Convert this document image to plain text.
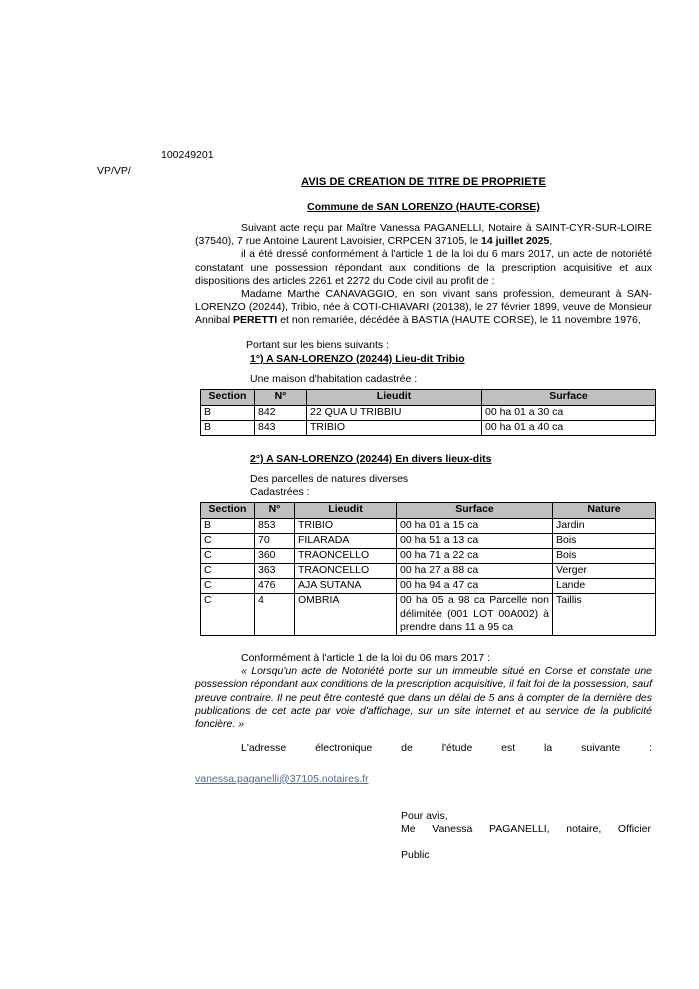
100249201
VP/VP/
AVIS DE CREATION DE TITRE DE PROPRIETE
Commune de SAN LORENZO (HAUTE-CORSE)

Suivant acte reçu par Maître Vanessa PAGANELLI, Notaire à SAINT-CYR-SUR-LOIRE (37540), 7 rue Antoine Laurent Lavoisier, CRPCEN 37105, le 14 juillet 2025,

il a été dressé conformément à l'article 1 de la loi du 6 mars 2017, un acte de notoriété constatant une possession répondant aux conditions de la prescription acquisitive et aux dispositions des articles 2261 et 2272 du Code civil au profit de :

Madame Marthe CANAVAGGIO, en son vivant sans profession, demeurant à SAN-LORENZO (20244), Tribio, née à COTI-CHIAVARI (20138), le 27 février 1899, veuve de Monsieur Annibal PERETTI et non remariée, décédée à BASTIA (HAUTE CORSE), le 11 novembre 1976,

Portant sur les biens suivants :

1°) A SAN-LORENZO (20244) Lieu-dit Tribio

Une maison d'habitation cadastrée :

Section	N°	Lieudit	Surface
B	842	22 QUA U TRIBBIU	00 ha 01 a 30 ca
B	843	TRIBIO	00 ha 01 a 40 ca

2°) A SAN-LORENZO (20244) En divers lieux-dits

Des parcelles de natures diverses

Cadastrées :

Section	N°	Lieudit	Surface	Nature
B	853	TRIBIO	00 ha 01 a 15 ca	Jardin
C	70	FILARADA	00 ha 51 a 13 ca	Bois
C	360	TRAONCELLO	00 ha 71 a 22 ca	Bois
C	363	TRAONCELLO	00 ha 27 a 88 ca	Verger
C	476	AJA SUTANA	00 ha 94 a 47 ca	Lande
C	4	OMBRIA	00 ha 05 a 98 ca Parcelle non délimitée (001 LOT 00A002) à prendre dans 11 a 95 ca	Taillis

Conformément à l'article 1 de la loi du 06 mars 2017 :

« Lorsqu'un acte de Notoriété porte sur un immeuble situé en Corse et constate une possession répondant aux conditions de la prescription acquisitive, il fait foi de la possession, sauf preuve contraire. Il ne peut être contesté que dans un délai de 5 ans à compter de la dernière des publications de cet acte par voie d'affichage, sur un site internet et au service de la publicité foncière. »

L'adresse électronique de l'étude est la suivante :

vanessa.paganelli@37105.notaires.fr

Pour avis,

Me Vanessa PAGANELLI, notaire, Officier

Public
